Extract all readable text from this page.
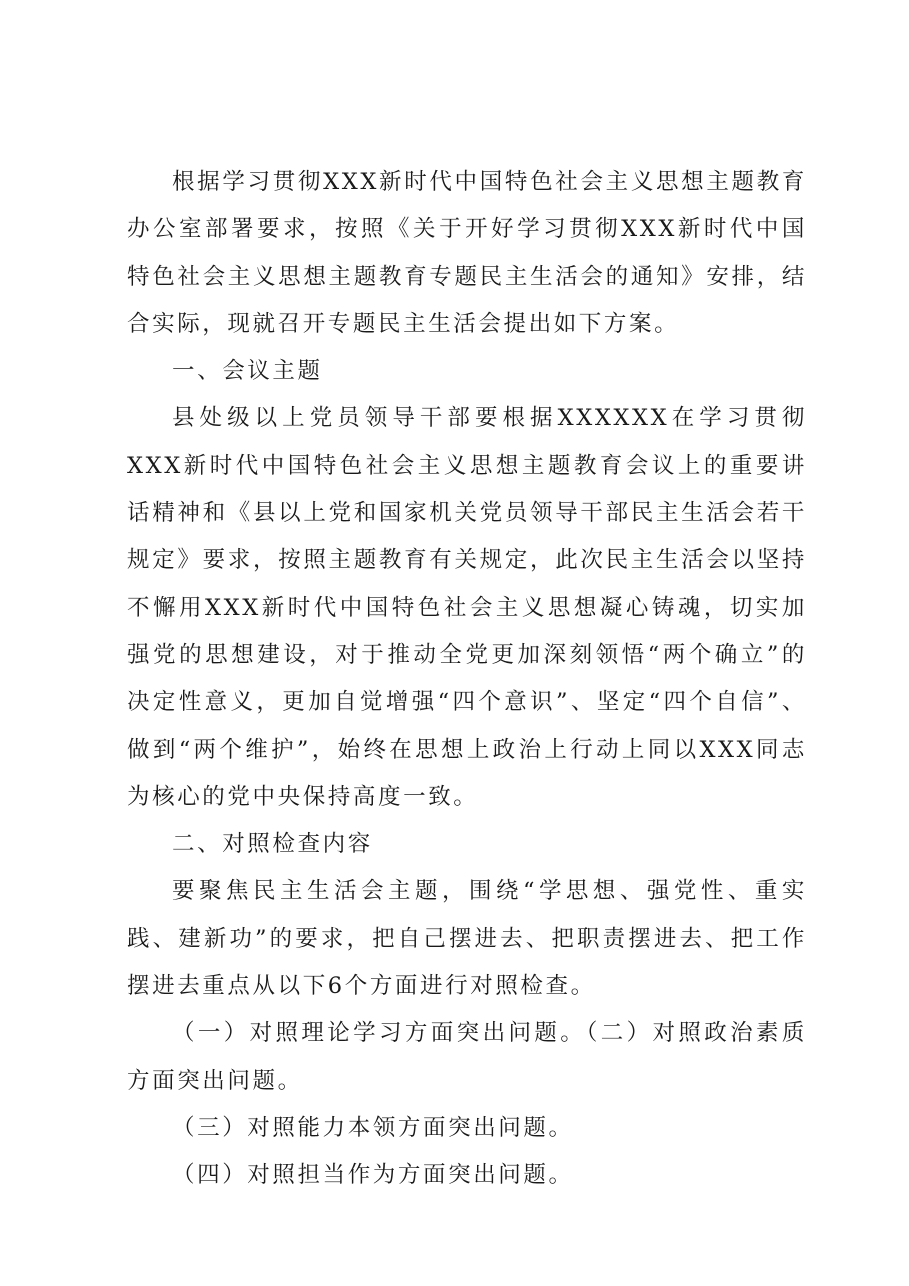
根据学习贯彻XXX新时代中国特色社会主义思想主题教育办公室部署要求，按照《关于开好学习贯彻XXX新时代中国特色社会主义思想主题教育专题民主生活会的通知》安排，结合实际，现就召开专题民主生活会提出如下方案。

一、会议主题

县处级以上党员领导干部要根据XXXXXX在学习贯彻XXX新时代中国特色社会主义思想主题教育会议上的重要讲话精神和《县以上党和国家机关党员领导干部民主生活会若干规定》要求，按照主题教育有关规定，此次民主生活会以坚持不懈用XXX新时代中国特色社会主义思想凝心铸魂，切实加强党的思想建设，对于推动全党更加深刻领悟“两个确立”的决定性意义，更加自觉增强“四个意识”、坚定“四个自信”、做到“两个维护”，始终在思想上政治上行动上同以XXX同志为核心的党中央保持高度一致。

二、对照检查内容

要聚焦民主生活会主题，围绕“学思想、强党性、重实践、建新功”的要求，把自己摆进去、把职责摆进去、把工作摆进去重点从以下6个方面进行对照检查。

（一）对照理论学习方面突出问题。（二）对照政治素质方面突出问题。

（三）对照能力本领方面突出问题。

（四）对照担当作为方面突出问题。
